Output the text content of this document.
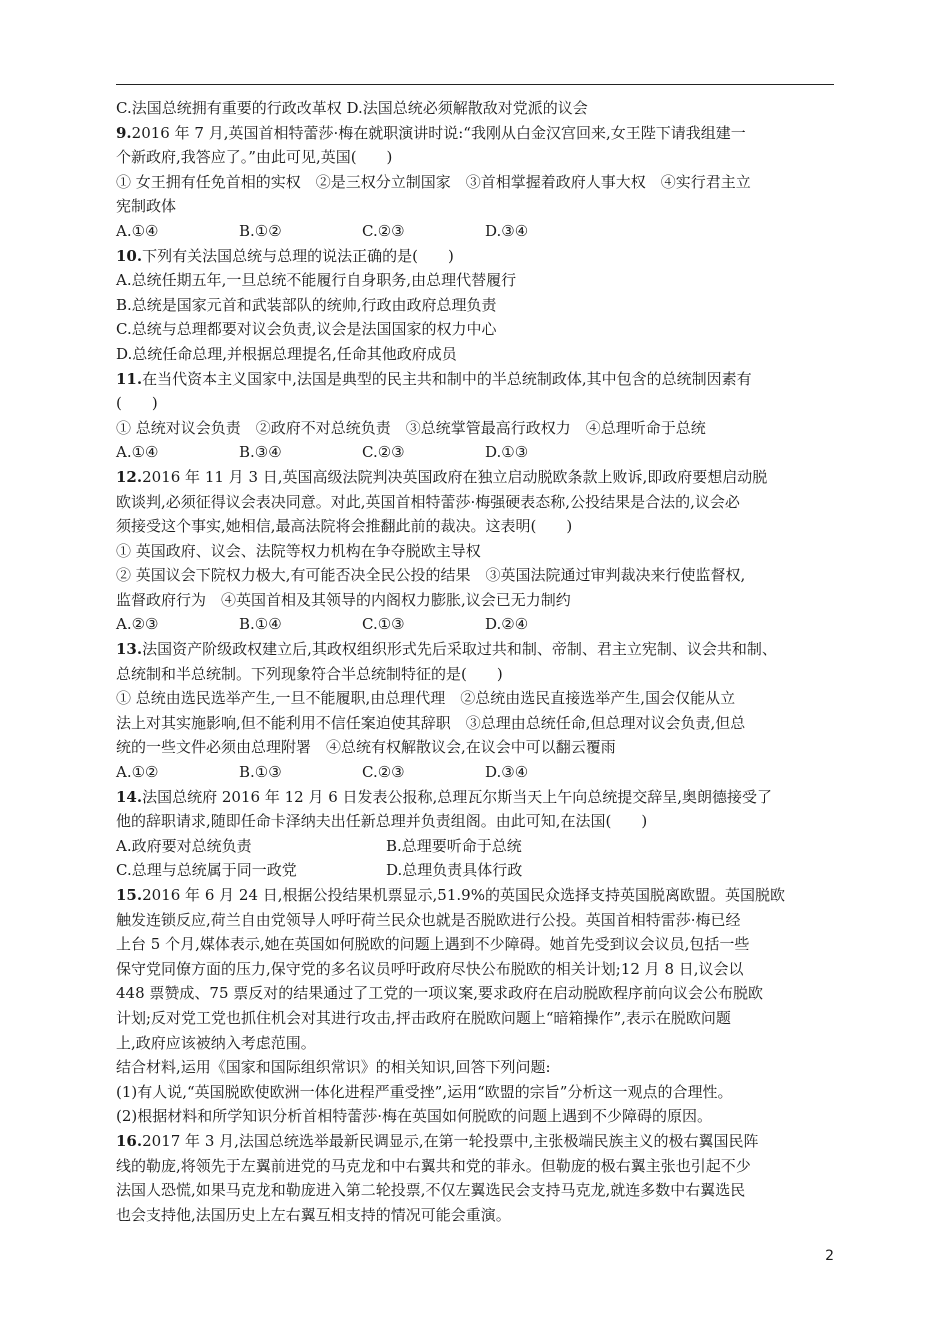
C.法国总统拥有重要的行政改革权 D.法国总统必须解散敌对党派的议会
9.2016 年 7 月,英国首相特蕾莎·梅在就职演讲时说:“我刚从白金汉宫回来,女王陛下请我组建一
个新政府,我答应了。”由此可见,英国(　　)
① 女王拥有任免首相的实权　②是三权分立制国家　③首相掌握着政府人事大权　④实行君主立
宪制政体
A.①④	B.①②	C.②③	D.③④
10.下列有关法国总统与总理的说法正确的是(　　)
A.总统任期五年,一旦总统不能履行自身职务,由总理代替履行
B.总统是国家元首和武装部队的统帅,行政由政府总理负责
C.总统与总理都要对议会负责,议会是法国国家的权力中心
D.总统任命总理,并根据总理提名,任命其他政府成员
11.在当代资本主义国家中,法国是典型的民主共和制中的半总统制政体,其中包含的总统制因素有
(　　)
① 总统对议会负责　②政府不对总统负责　③总统掌管最高行政权力　④总理听命于总统
A.①④	B.③④	C.②③	D.①③
12.2016 年 11 月 3 日,英国高级法院判决英国政府在独立启动脱欧条款上败诉,即政府要想启动脱
欧谈判,必须征得议会表决同意。对此,英国首相特蕾莎·梅强硬表态称,公投结果是合法的,议会必
须接受这个事实,她相信,最高法院将会推翻此前的裁决。这表明(　　)
① 英国政府、议会、法院等权力机构在争夺脱欧主导权
② 英国议会下院权力极大,有可能否决全民公投的结果　③英国法院通过审判裁决来行使监督权,
监督政府行为　④英国首相及其领导的内阁权力膨胀,议会已无力制约
A.②③	B.①④	C.①③	D.②④
13.法国资产阶级政权建立后,其政权组织形式先后采取过共和制、帝制、君主立宪制、议会共和制、
总统制和半总统制。下列现象符合半总统制特征的是(　　)
① 总统由选民选举产生,一旦不能履职,由总理代理　②总统由选民直接选举产生,国会仅能从立
法上对其实施影响,但不能利用不信任案迫使其辞职　③总理由总统任命,但总理对议会负责,但总
统的一些文件必须由总理附署　④总统有权解散议会,在议会中可以翻云覆雨
A.①②	B.①③	C.②③	D.③④
14.法国总统府 2016 年 12 月 6 日发表公报称,总理瓦尔斯当天上午向总统提交辞呈,奥朗德接受了
他的辞职请求,随即任命卡泽纳夫出任新总理并负责组阁。由此可知,在法国(　　)
A.政府要对总统负责	B.总理要听命于总统
C.总理与总统属于同一政党	D.总理负责具体行政
15.2016 年 6 月 24 日,根据公投结果机票显示,51.9%的英国民众选择支持英国脱离欧盟。英国脱欧
触发连锁反应,荷兰自由党领导人呼吁荷兰民众也就是否脱欧进行公投。英国首相特雷莎·梅已经
上台 5 个月,媒体表示,她在英国如何脱欧的问题上遇到不少障碍。她首先受到议会议员,包括一些
保守党同僚方面的压力,保守党的多名议员呼吁政府尽快公布脱欧的相关计划;12 月 8 日,议会以
448 票赞成、75 票反对的结果通过了工党的一项议案,要求政府在启动脱欧程序前向议会公布脱欧
计划;反对党工党也抓住机会对其进行攻击,抨击政府在脱欧问题上“暗箱操作”,表示在脱欧问题
上,政府应该被纳入考虑范围。
结合材料,运用《国家和国际组织常识》的相关知识,回答下列问题:
(1)有人说,“英国脱欧使欧洲一体化进程严重受挫”,运用“欧盟的宗旨”分析这一观点的合理性。
(2)根据材料和所学知识分析首相特蕾莎·梅在英国如何脱欧的问题上遇到不少障碍的原因。
16.2017 年 3 月,法国总统选举最新民调显示,在第一轮投票中,主张极端民族主义的极右翼国民阵
线的勒庞,将领先于左翼前进党的马克龙和中右翼共和党的菲永。但勒庞的极右翼主张也引起不少
法国人恐慌,如果马克龙和勒庞进入第二轮投票,不仅左翼选民会支持马克龙,就连多数中右翼选民
也会支持他,法国历史上左右翼互相支持的情况可能会重演。
2
